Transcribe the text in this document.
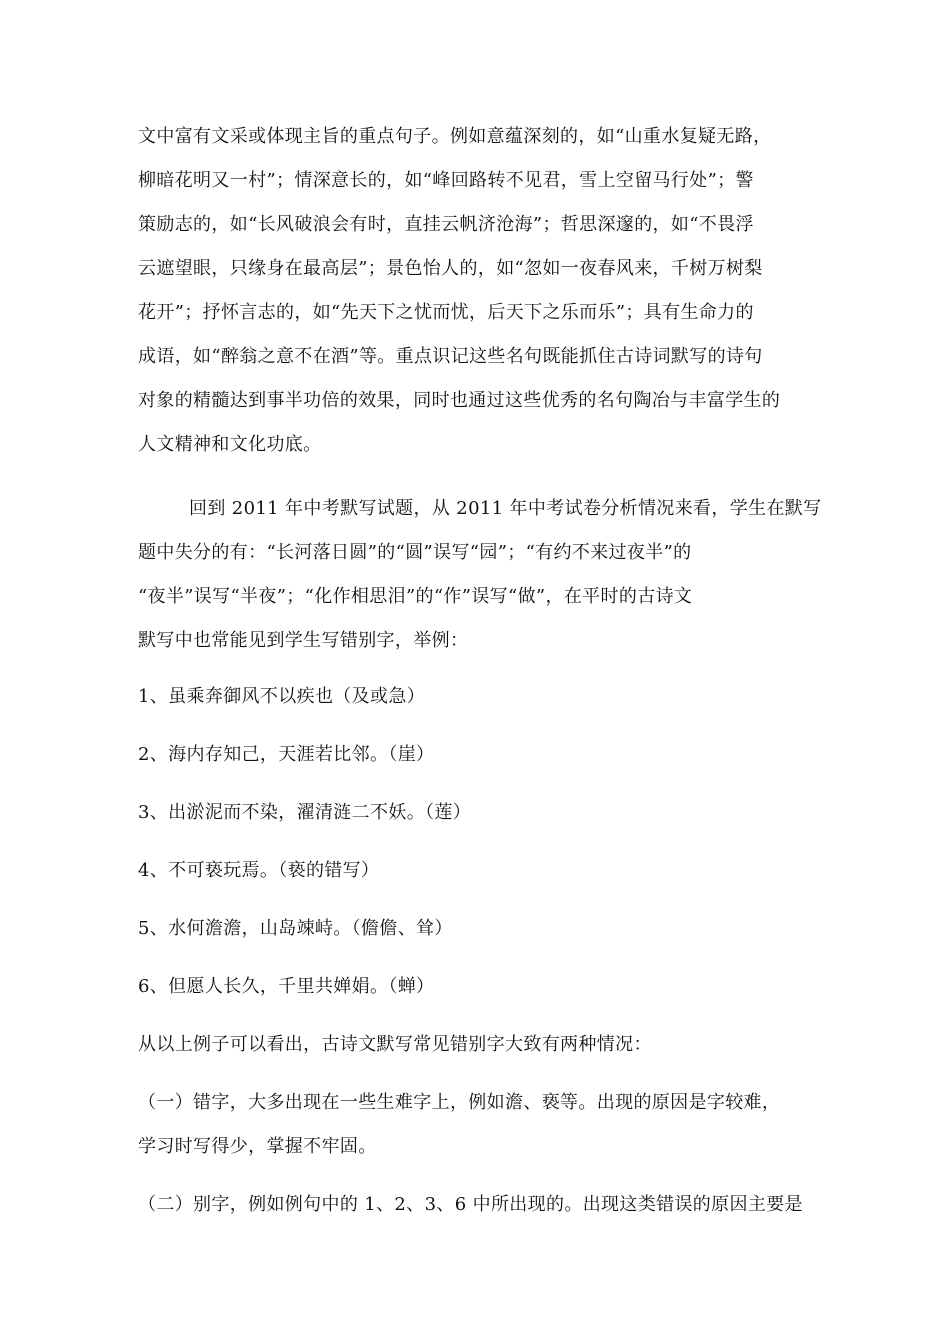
文中富有文采或体现主旨的重点句子。例如意蕴深刻的，如“山重水复疑无路，
柳暗花明又一村”；情深意长的，如“峰回路转不见君，雪上空留马行处”；警
策励志的，如“长风破浪会有时，直挂云帆济沧海”；哲思深邃的，如“不畏浮
云遮望眼，只缘身在最高层”；景色怡人的，如“忽如一夜春风来，千树万树梨
花开”；抒怀言志的，如“先天下之忧而忧，后天下之乐而乐”；具有生命力的
成语，如“醉翁之意不在酒”等。重点识记这些名句既能抓住古诗词默写的诗句
对象的精髓达到事半功倍的效果，同时也通过这些优秀的名句陶冶与丰富学生的
人文精神和文化功底。
回到 2011 年中考默写试题，从 2011 年中考试卷分析情况来看，学生在默写
题中失分的有：“长河落日圆”的“圆”误写“园”；“有约不来过夜半”的
“夜半”误写“半夜”；“化作相思泪”的“作”误写“做”，在平时的古诗文
默写中也常能见到学生写错别字，举例：
1、虽乘奔御风不以疾也（及或急）
2、海内存知己，天涯若比邻。（崖）
3、出淤泥而不染，濯清涟二不妖。（莲）
4、不可亵玩焉。（亵的错写）
5、水何澹澹，山岛竦峙。（儋儋、耸）
6、但愿人长久，千里共婵娟。（蝉）
从以上例子可以看出，古诗文默写常见错别字大致有两种情况：
（一）错字，大多出现在一些生难字上，例如澹、亵等。出现的原因是字较难，
学习时写得少，掌握不牢固。
（二）别字，例如例句中的 1、2、3、6 中所出现的。出现这类错误的原因主要是
